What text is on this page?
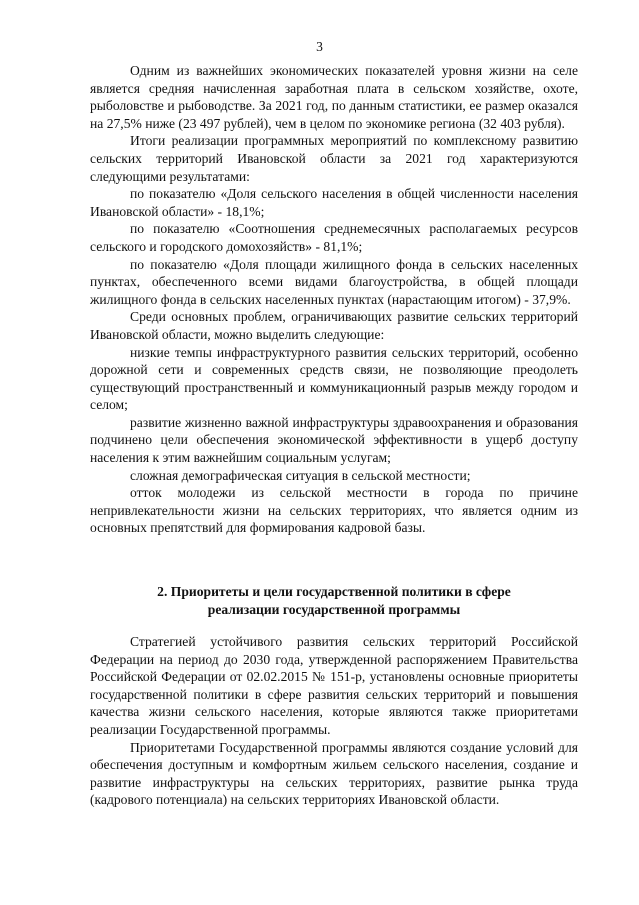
3

Одним из важнейших экономических показателей уровня жизни на селе является средняя начисленная заработная плата в сельском хозяйстве, охоте, рыболовстве и рыбоводстве. За 2021 год, по данным статистики, ее размер оказался на 27,5% ниже (23 497 рублей), чем в целом по экономике региона (32 403 рубля).

Итоги реализации программных мероприятий по комплексному развитию сельских территорий Ивановской области за 2021 год характеризуются следующими результатами:

по показателю «Доля сельского населения в общей численности населения Ивановской области» - 18,1%;

по показателю «Соотношения среднемесячных располагаемых ресурсов сельского и городского домохозяйств» - 81,1%;

по показателю «Доля площади жилищного фонда в сельских населенных пунктах, обеспеченного всеми видами благоустройства, в общей площади жилищного фонда в сельских населенных пунктах (нарастающим итогом) - 37,9%.

Среди основных проблем, ограничивающих развитие сельских территорий Ивановской области, можно выделить следующие:

низкие темпы инфраструктурного развития сельских территорий, особенно дорожной сети и современных средств связи, не позволяющие преодолеть существующий пространственный и коммуникационный разрыв между городом и селом;

развитие жизненно важной инфраструктуры здравоохранения и образования подчинено цели обеспечения экономической эффективности в ущерб доступу населения к этим важнейшим социальным услугам;

сложная демографическая ситуация в сельской местности;

отток молодежи из сельской местности в города по причине непривлекательности жизни на сельских территориях, что является одним из основных препятствий для формирования кадровой базы.

2. Приоритеты и цели государственной политики в сфере
реализации государственной программы

Стратегией устойчивого развития сельских территорий Российской Федерации на период до 2030 года, утвержденной распоряжением Правительства Российской Федерации от 02.02.2015 № 151-р, установлены основные приоритеты государственной политики в сфере развития сельских территорий и повышения качества жизни сельского населения, которые являются также приоритетами реализации Государственной программы.

Приоритетами Государственной программы являются создание условий для обеспечения доступным и комфортным жильем сельского населения, создание и развитие инфраструктуры на сельских территориях, развитие рынка труда (кадрового потенциала) на сельских территориях Ивановской области.
